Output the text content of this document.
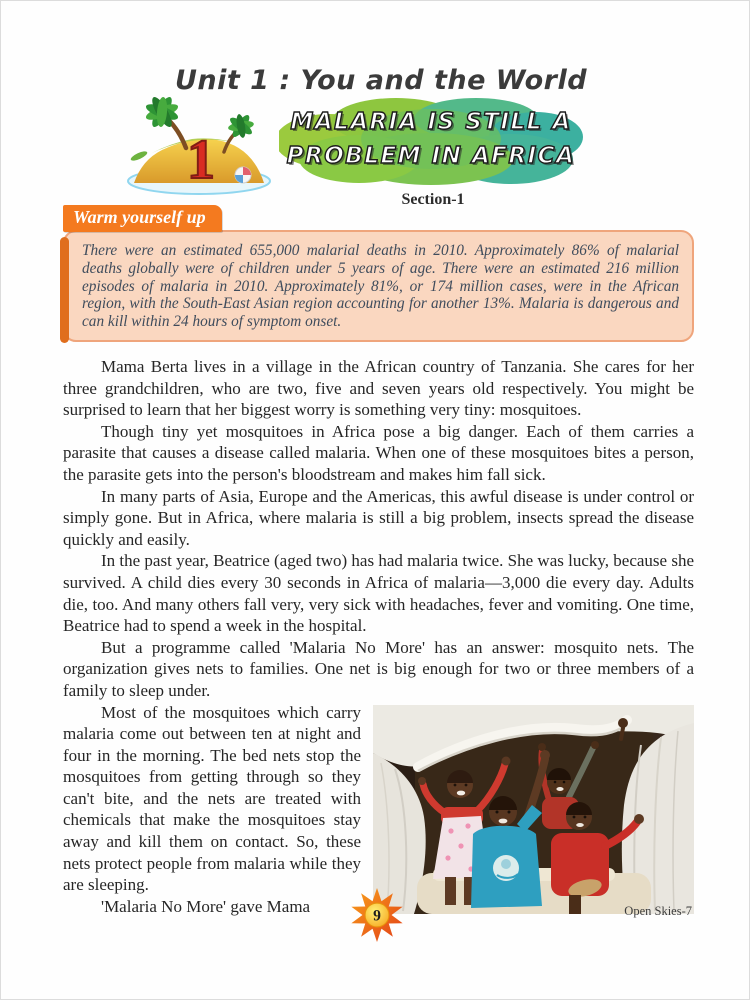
Unit 1 : You and the World
1
MALARIA IS STILL A
PROBLEM IN AFRICA
Section-1
Warm yourself up
There were an estimated 655,000 malarial deaths in 2010. Approximately 86% of malarial deaths globally were of children under 5 years of age. There were an estimated 216 million episodes of malaria in 2010. Approximately 81%, or 174 million cases, were in the African region, with the South-East Asian region accounting for another 13%. Malaria is dangerous and can kill within 24 hours of symptom onset.

Mama Berta lives in a village in the African country of Tanzania. She cares for her three grandchildren, who are two, five and seven years old respectively. You might be surprised to learn that her biggest worry is something very tiny: mosquitoes.

Though tiny yet mosquitoes in Africa pose a big danger. Each of them carries a parasite that causes a disease called malaria. When one of these mosquitoes bites a person, the parasite gets into the person's bloodstream and makes him fall sick.

In many parts of Asia, Europe and the Americas, this awful disease is under control or simply gone. But in Africa, where malaria is still a big problem, insects spread the disease quickly and easily.

In the past year, Beatrice (aged two) has had malaria twice. She was lucky, because she survived. A child dies every 30 seconds in Africa of malaria—3,000 die every day. Adults die, too. And many others fall very, very sick with headaches, fever and vomiting. One time, Beatrice had to spend a week in the hospital.

But a programme called 'Malaria No More' has an answer: mosquito nets. The organization gives nets to families. One net is big enough for two or three members of a family to sleep under.

Most of the mosquitoes which carry malaria come out between ten at night and four in the morning. The bed nets stop the mosquitoes from getting through so they can't bite, and the nets are treated with chemicals that make the mosquitoes stay away and kill them on contact. So, these nets protect people from malaria while they are sleeping.

'Malaria No More' gave Mama

9	Open Skies-7
